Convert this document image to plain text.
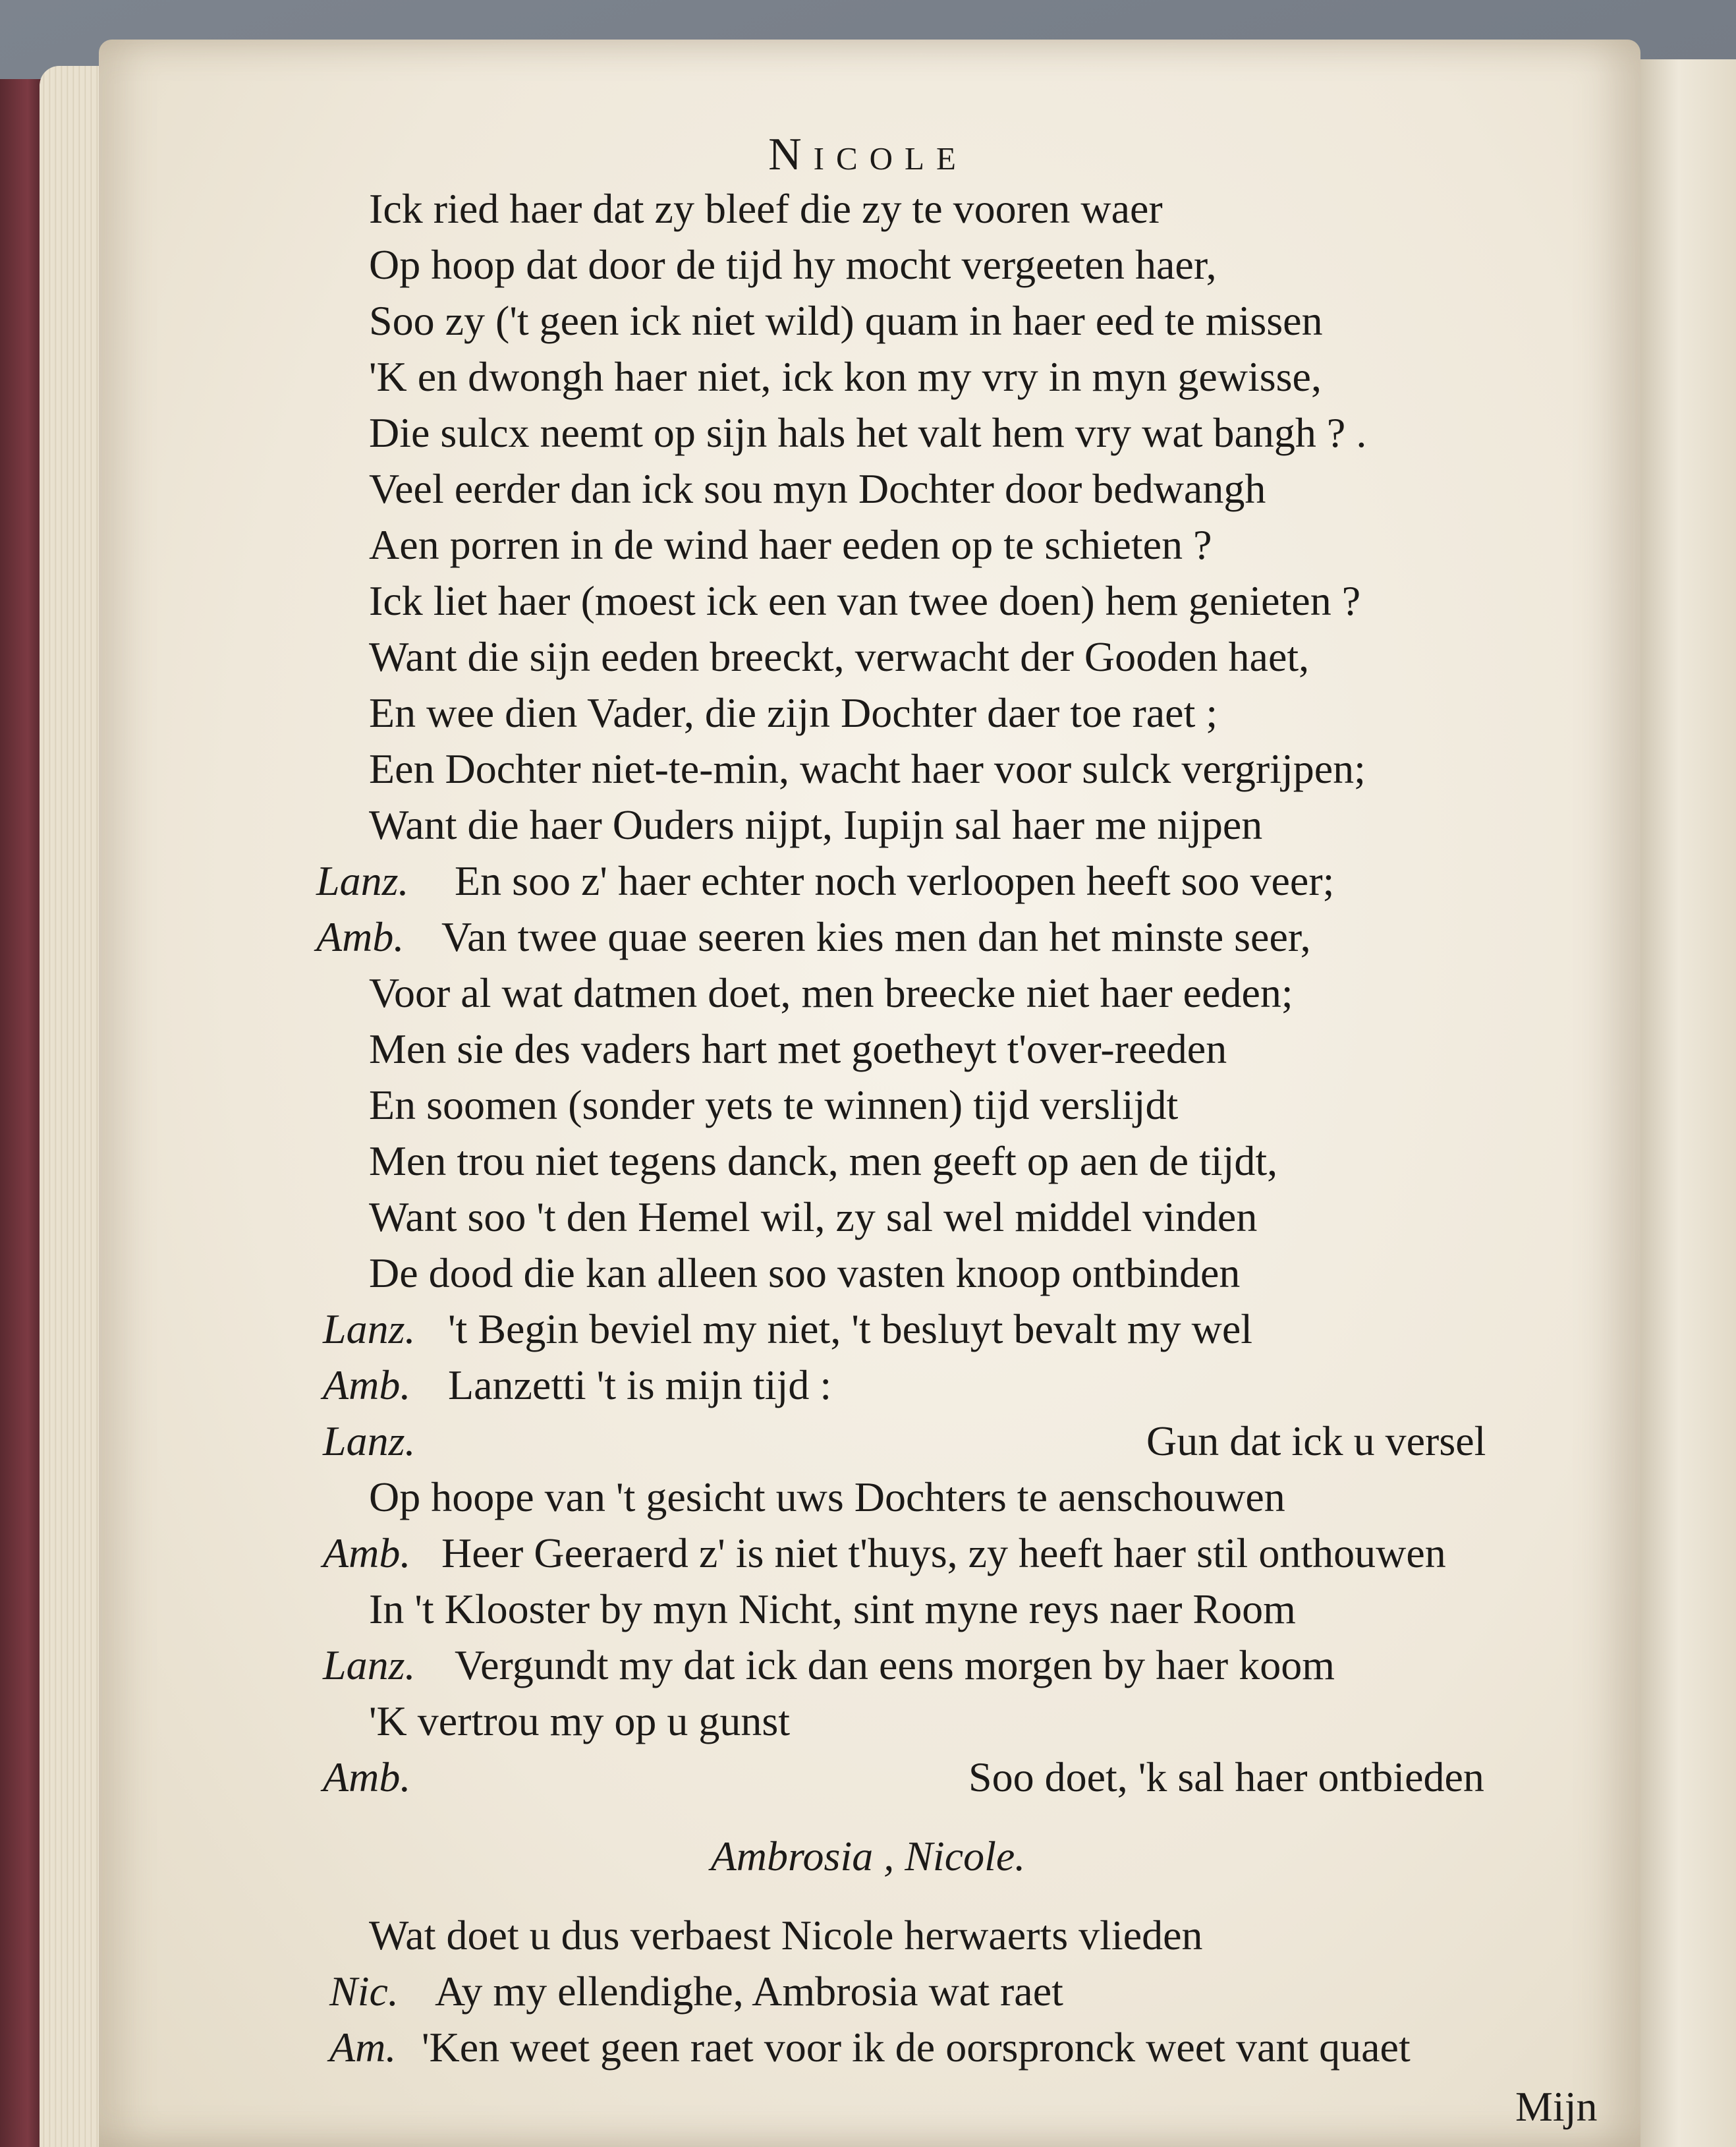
Nicole
Ick ried haer dat zy bleef die zy te vooren waer
Op hoop dat door de tijd hy mocht vergeeten haer,
Soo zy ('t geen ick niet wild) quam in haer eed te missen
'K en dwongh haer niet, ick kon my vry in myn gewisse,
Die sulcx neemt op sijn hals het valt hem vry wat bangh ? .
Veel eerder dan ick sou myn Dochter door bedwangh
Aen porren in de wind haer eeden op te schieten ?
Ick liet haer (moest ick een van twee doen) hem genieten ?
Want die sijn eeden breeckt, verwacht der Gooden haet,
En wee dien Vader, die zijn Dochter daer toe raet ;
Een Dochter niet-te-min, wacht haer voor sulck vergrijpen;
Want die haer Ouders nijpt, Iupijn sal haer me nijpen
Lanz. En soo z' haer echter noch verloopen heeft soo veer;
Amb. Van twee quae seeren kies men dan het minste seer,
Voor al wat datmen doet, men breecke niet haer eeden;
Men sie des vaders hart met goetheyt t'over-reeden
En soomen (sonder yets te winnen) tijd verslijdt
Men trou niet tegens danck, men geeft op aen de tijdt,
Want soo 't den Hemel wil, zy sal wel middel vinden
De dood die kan alleen soo vasten knoop ontbinden
Lanz. 't Begin beviel my niet, 't besluyt bevalt my wel
Amb. Lanzetti 't is mijn tijd :
Lanz.	Gun dat ick u versel
Op hoope van 't gesicht uws Dochters te aenschouwen
Amb. Heer Geeraerd z' is niet t'huys, zy heeft haer stil onthouwen
In 't Klooster by myn Nicht, sint myne reys naer Room
Lanz. Vergundt my dat ick dan eens morgen by haer koom
'K vertrou my op u gunst
Amb.	Soo doet, 'k sal haer ontbieden
Ambrosia , Nicole.
Wat doet u dus verbaest Nicole herwaerts vlieden
Nic. Ay my ellendighe, Ambrosia wat raet
Am. 'Ken weet geen raet voor ik de oorspronck weet vant quaet
Mijn
